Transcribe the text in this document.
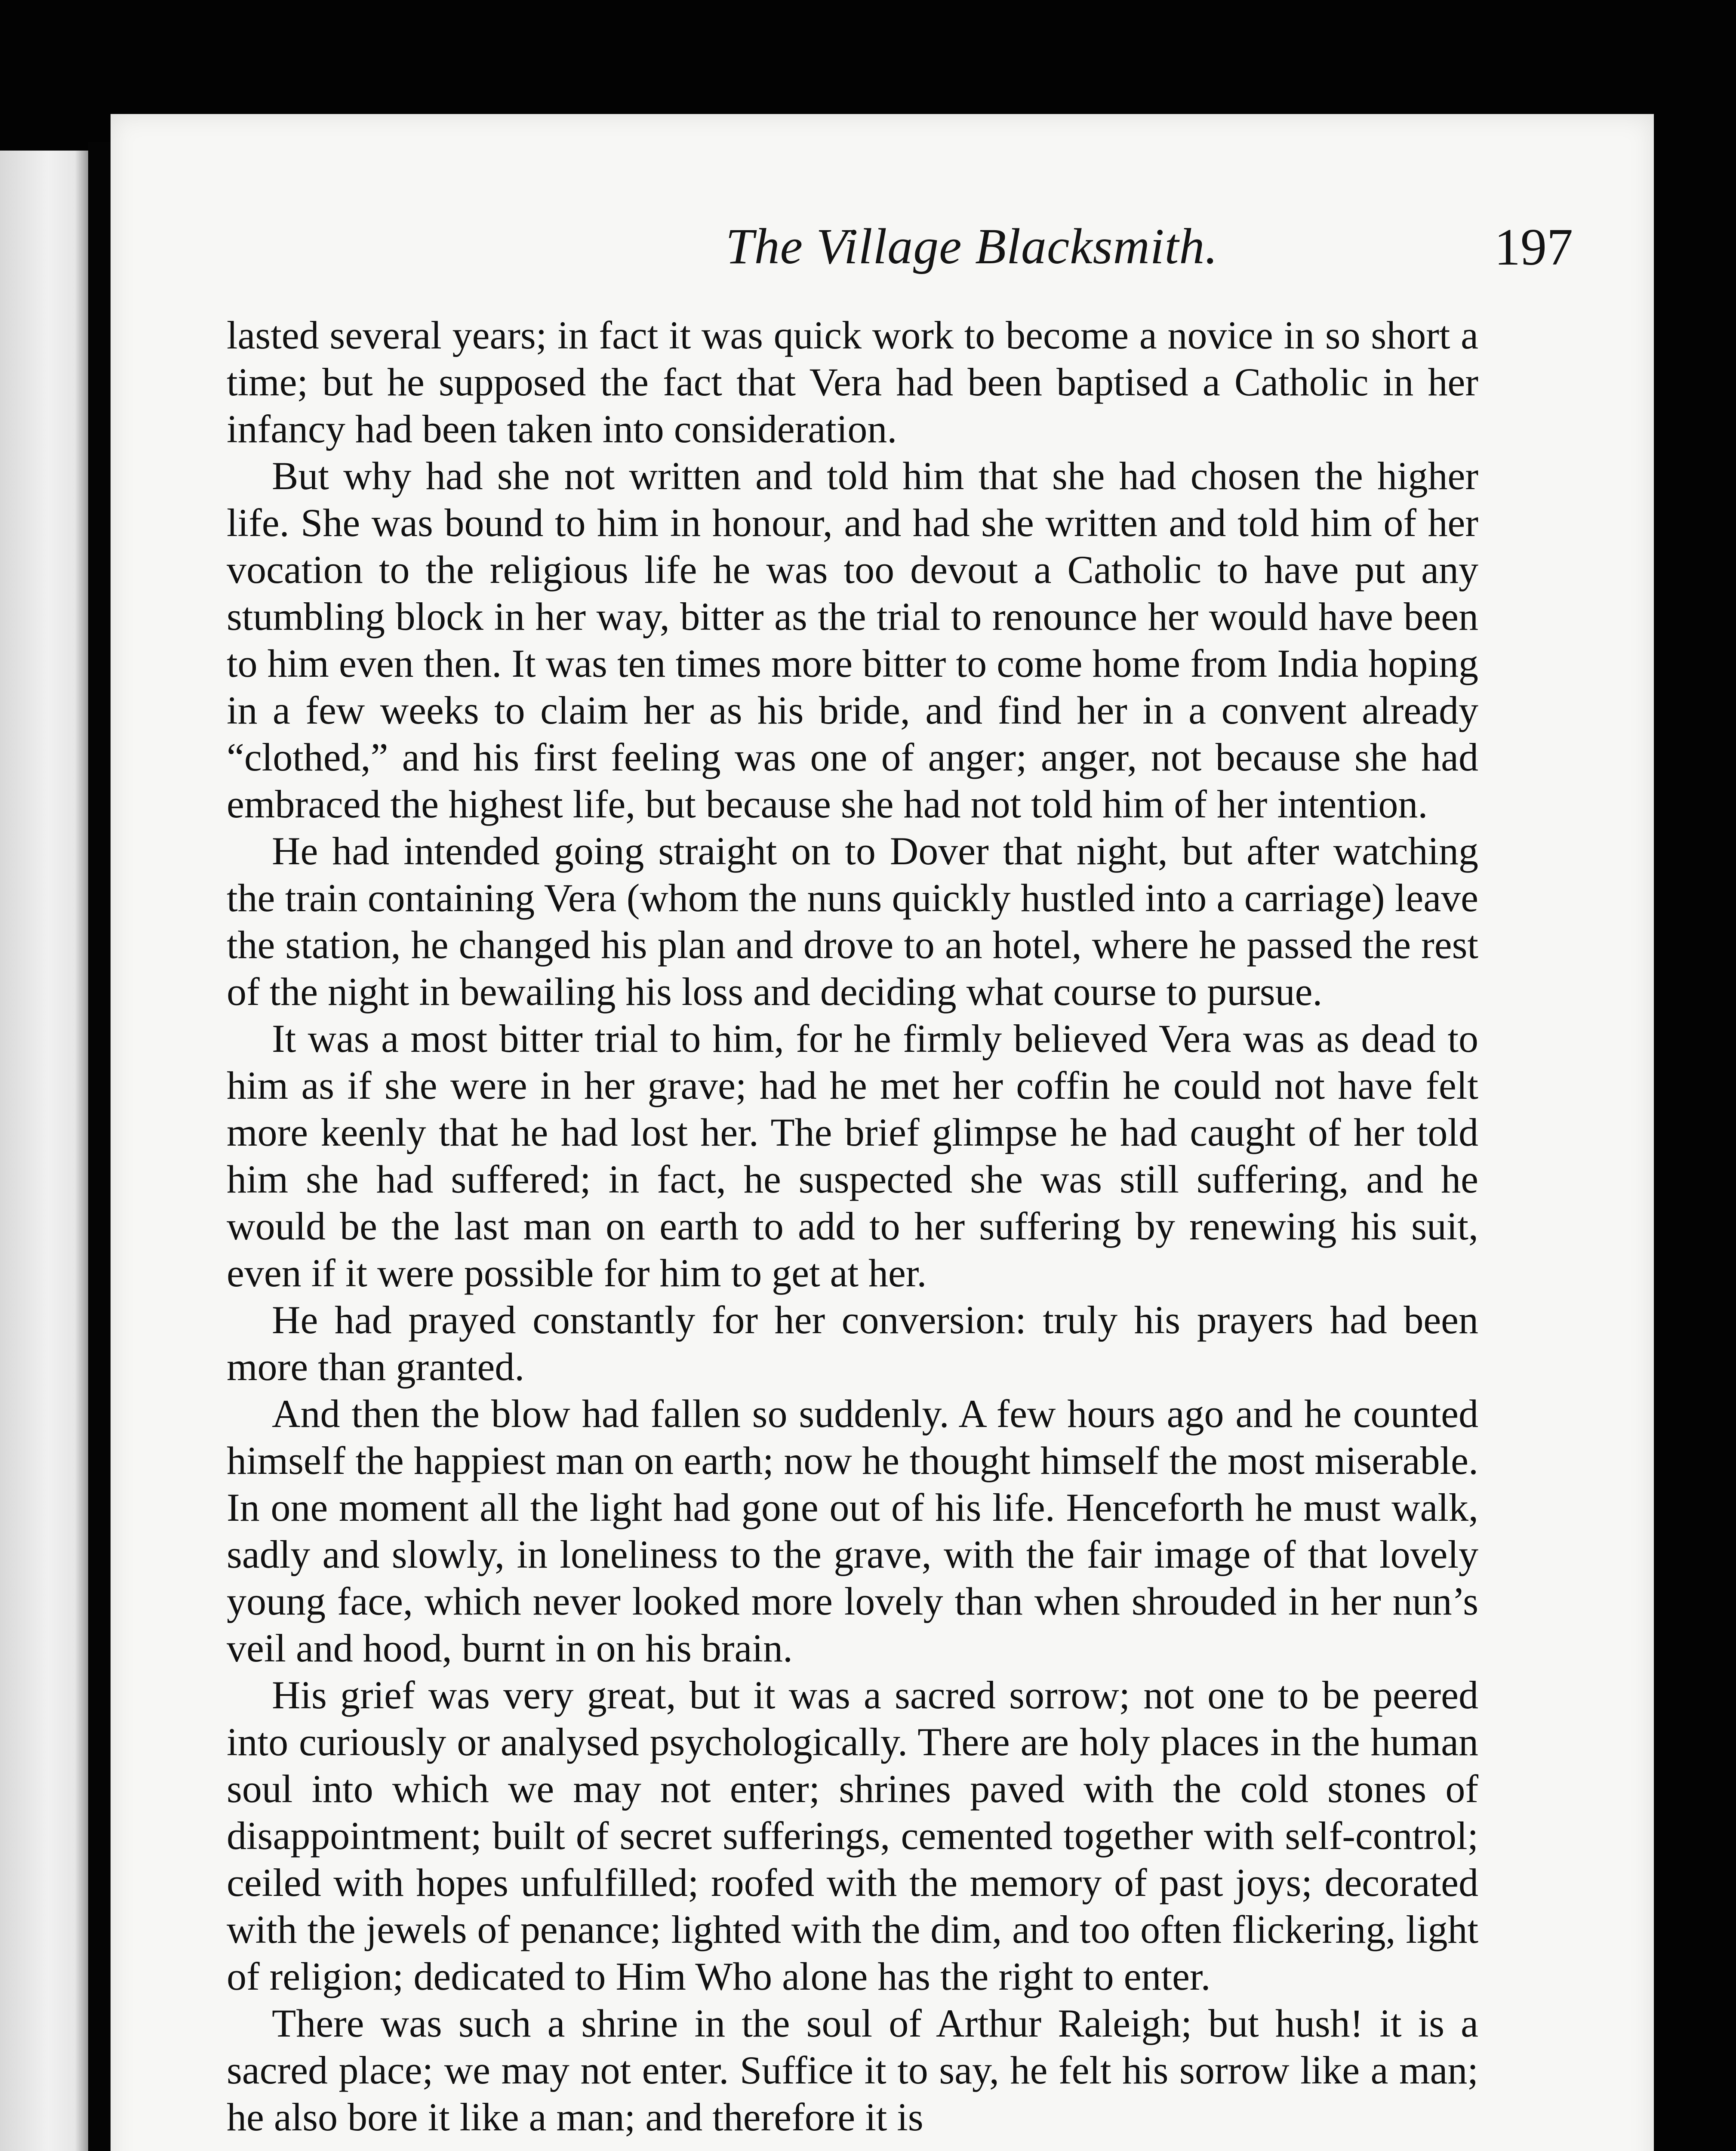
The Village Blacksmith.	197

lasted several years; in fact it was quick work to become a novice in so short a time; but he supposed the fact that Vera had been baptised a Catholic in her infancy had been taken into consideration.

But why had she not written and told him that she had chosen the higher life. She was bound to him in honour, and had she written and told him of her vocation to the religious life he was too devout a Catholic to have put any stumbling block in her way, bitter as the trial to renounce her would have been to him even then. It was ten times more bitter to come home from India hoping in a few weeks to claim her as his bride, and find her in a convent already “clothed,” and his first feeling was one of anger; anger, not because she had embraced the highest life, but because she had not told him of her intention.

He had intended going straight on to Dover that night, but after watching the train containing Vera (whom the nuns quickly hustled into a carriage) leave the station, he changed his plan and drove to an hotel, where he passed the rest of the night in bewailing his loss and deciding what course to pursue.

It was a most bitter trial to him, for he firmly believed Vera was as dead to him as if she were in her grave; had he met her coffin he could not have felt more keenly that he had lost her. The brief glimpse he had caught of her told him she had suffered; in fact, he suspected she was still suffering, and he would be the last man on earth to add to her suffering by renewing his suit, even if it were possible for him to get at her.

He had prayed constantly for her conversion: truly his prayers had been more than granted.

And then the blow had fallen so suddenly. A few hours ago and he counted himself the happiest man on earth; now he thought himself the most miserable. In one moment all the light had gone out of his life. Henceforth he must walk, sadly and slowly, in loneliness to the grave, with the fair image of that lovely young face, which never looked more lovely than when shrouded in her nun’s veil and hood, burnt in on his brain.

His grief was very great, but it was a sacred sorrow; not one to be peered into curiously or analysed psychologically. There are holy places in the human soul into which we may not enter; shrines paved with the cold stones of disappointment; built of secret sufferings, cemented together with self-control; ceiled with hopes unfulfilled; roofed with the memory of past joys; decorated with the jewels of penance; lighted with the dim, and too often flickering, light of religion; dedicated to Him Who alone has the right to enter.

There was such a shrine in the soul of Arthur Raleigh; but hush! it is a sacred place; we may not enter. Suffice it to say, he felt his sorrow like a man; he also bore it like a man; and therefore it is
